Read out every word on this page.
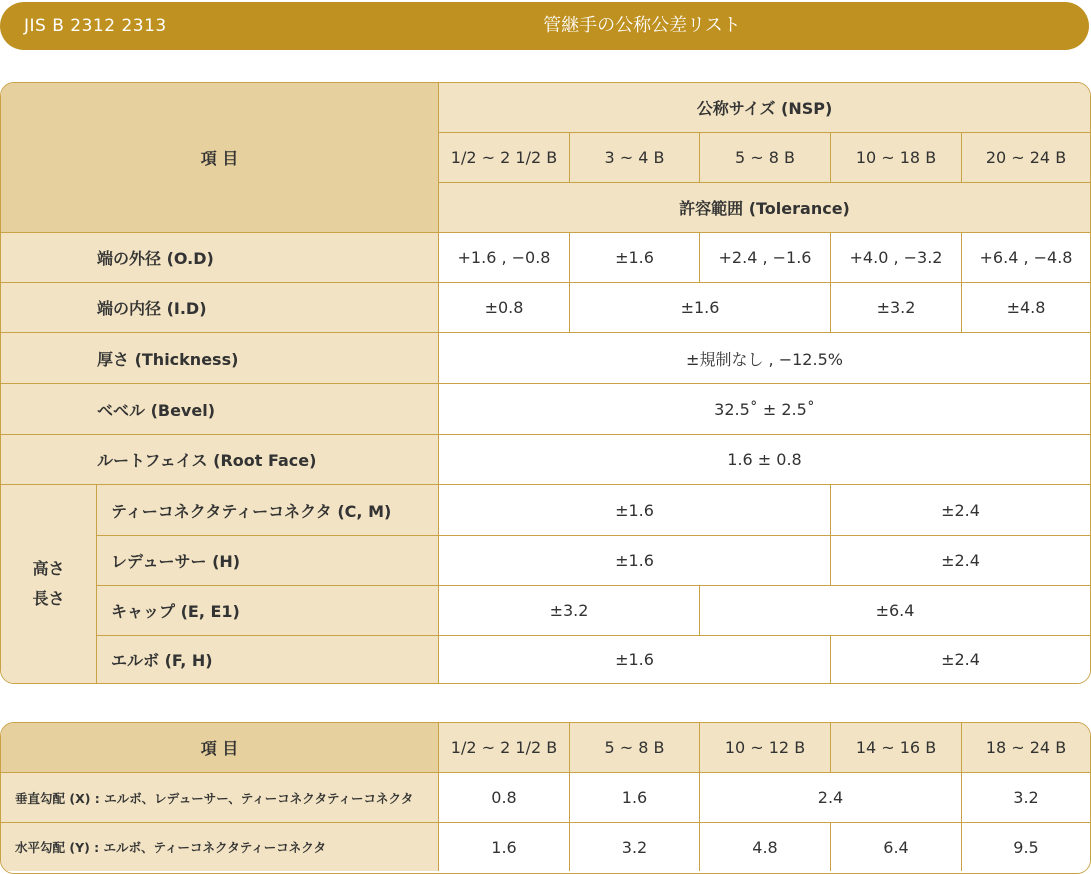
JIS B 2312 2313	管継手の公称公差リスト
項 目
公称サイズ (NSP)
1/2 ~ 2 1/2 B	3 ~ 4 B	5 ~ 8 B	10 ~ 18 B	20 ~ 24 B
許容範囲 (Tolerance)
端の外径 (O.D)	+1.6 , −0.8	±1.6	+2.4 , −1.6	+4.0 , −3.2	+6.4 , −4.8
端の内径 (I.D)	±0.8	±1.6	±3.2	±4.8
厚さ (Thickness)	±規制なし , −12.5%
ベベル (Bevel)	32.5˚ ± 2.5˚
ルートフェイス (Root Face)	1.6 ± 0.8
高さ
長さ
ティーコネクタティーコネクタ (C, M)	±1.6	±2.4
レデューサー (H)	±1.6	±2.4
キャップ (E, E1)	±3.2	±6.4
エルボ (F, H)	±1.6	±2.4
項 目	1/2 ~ 2 1/2 B	5 ~ 8 B	10 ~ 12 B	14 ~ 16 B	18 ~ 24 B
垂直勾配 (X) : エルボ、レデューサー、ティーコネクタティーコネクタ	0.8	1.6	2.4	3.2
水平勾配 (Y) : エルボ、ティーコネクタティーコネクタ	1.6	3.2	4.8	6.4	9.5
